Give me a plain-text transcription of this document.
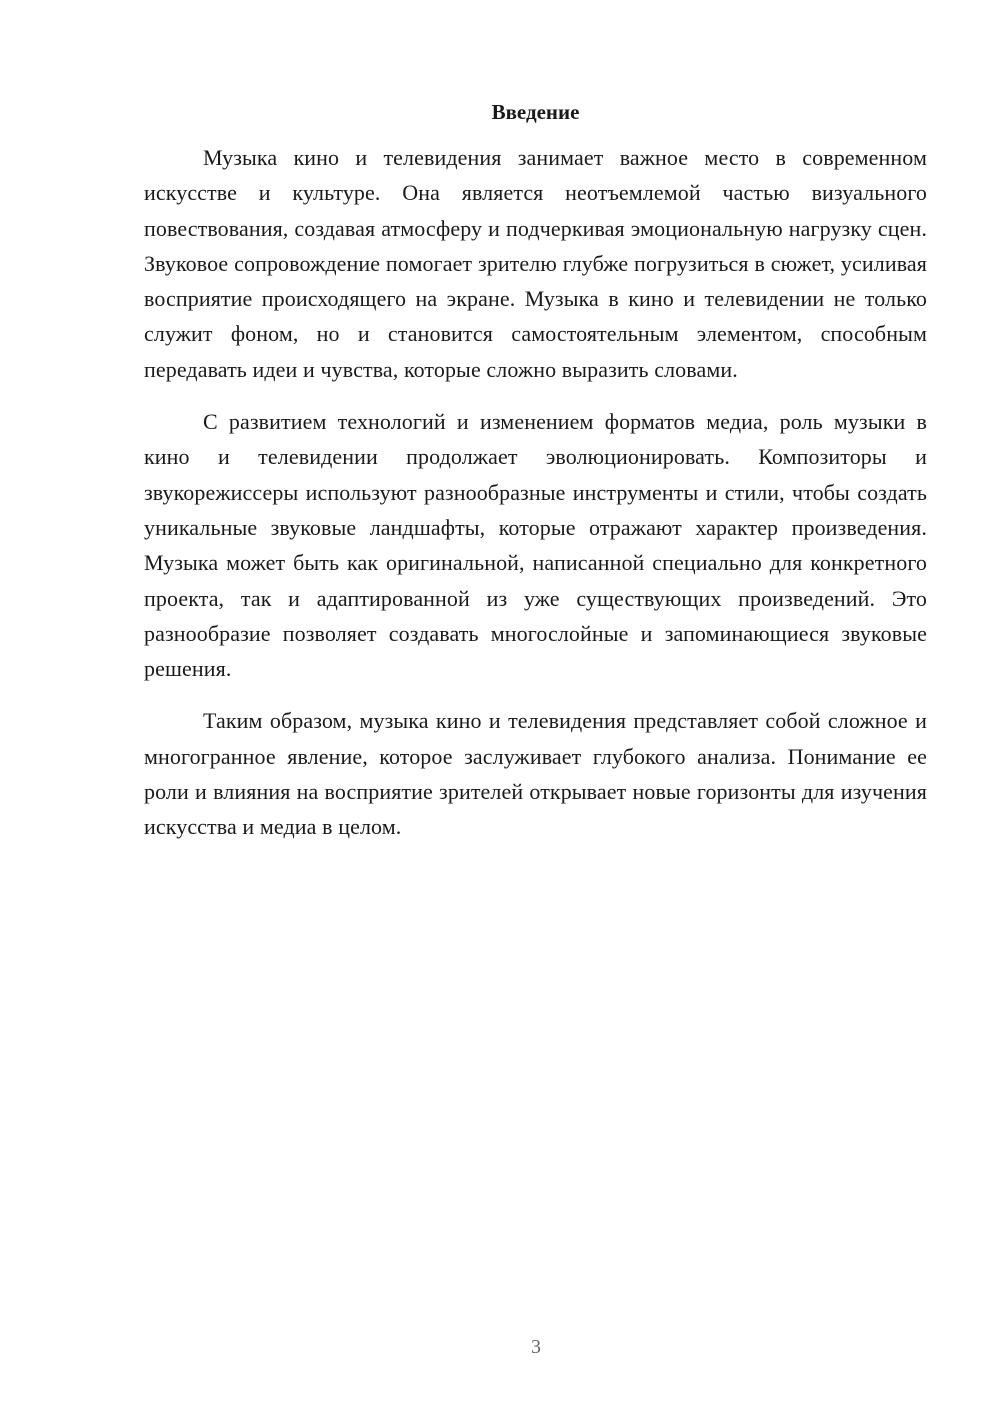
Введение

Музыка кино и телевидения занимает важное место в современном искусстве и культуре. Она является неотъемлемой частью визуального повествования, создавая атмосферу и подчеркивая эмоциональную нагрузку сцен. Звуковое сопровождение помогает зрителю глубже погрузиться в сюжет, усиливая восприятие происходящего на экране. Музыка в кино и телевидении не только служит фоном, но и становится самостоятельным элементом, способным передавать идеи и чувства, которые сложно выразить словами.

С развитием технологий и изменением форматов медиа, роль музыки в кино и телевидении продолжает эволюционировать. Композиторы и звукорежиссеры используют разнообразные инструменты и стили, чтобы создать уникальные звуковые ландшафты, которые отражают характер произведения. Музыка может быть как оригинальной, написанной специально для конкретного проекта, так и адаптированной из уже существующих произведений. Это разнообразие позволяет создавать многослойные и запоминающиеся звуковые решения.

Таким образом, музыка кино и телевидения представляет собой сложное и многогранное явление, которое заслуживает глубокого анализа. Понимание ее роли и влияния на восприятие зрителей открывает новые горизонты для изучения искусства и медиа в целом.

3
